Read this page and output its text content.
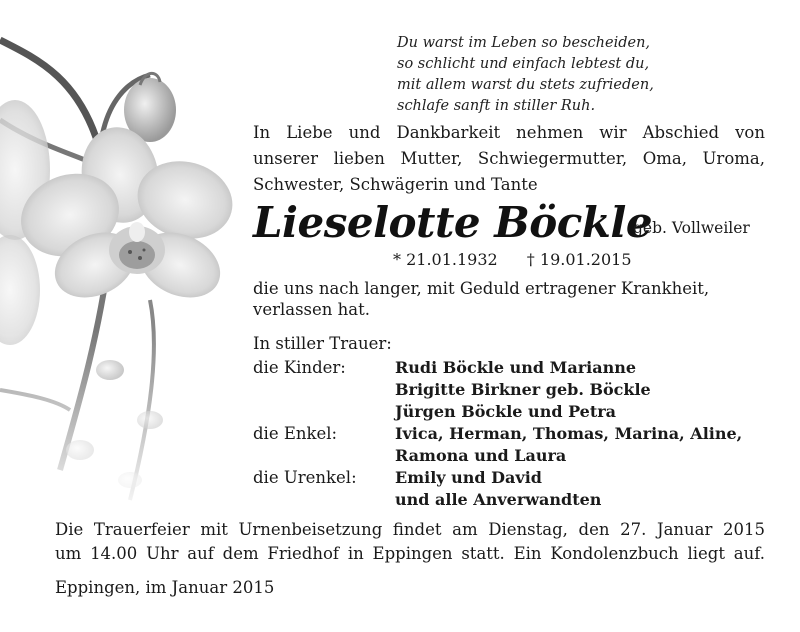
Du warst im Leben so bescheiden,
so schlicht und einfach lebtest du,
mit allem warst du stets zufrieden,
schlafe sanft in stiller Ruh.
In Liebe und Dankbarkeit nehmen wir Abschied von
unserer lieben Mutter, Schwiegermutter, Oma, Uroma,
Schwester, Schwägerin und Tante
Lieselotte Böckle
geb. Vollweiler
* 21.01.1932 † 19.01.2015
die uns nach langer, mit Geduld ertragener Krankheit,
verlassen hat.
In stiller Trauer:
die Kinder:	Rudi Böckle und Marianne
Brigitte Birkner geb. Böckle
Jürgen Böckle und Petra
die Enkel:	Ivica, Herman, Thomas, Marina, Aline,
Ramona und Laura
die Urenkel: Emily und David
und alle Anverwandten
Die Trauerfeier mit Urnenbeisetzung findet am Dienstag, den 27. Januar 2015
um 14.00 Uhr auf dem Friedhof in Eppingen statt. Ein Kondolenzbuch liegt auf.
Eppingen, im Januar 2015
